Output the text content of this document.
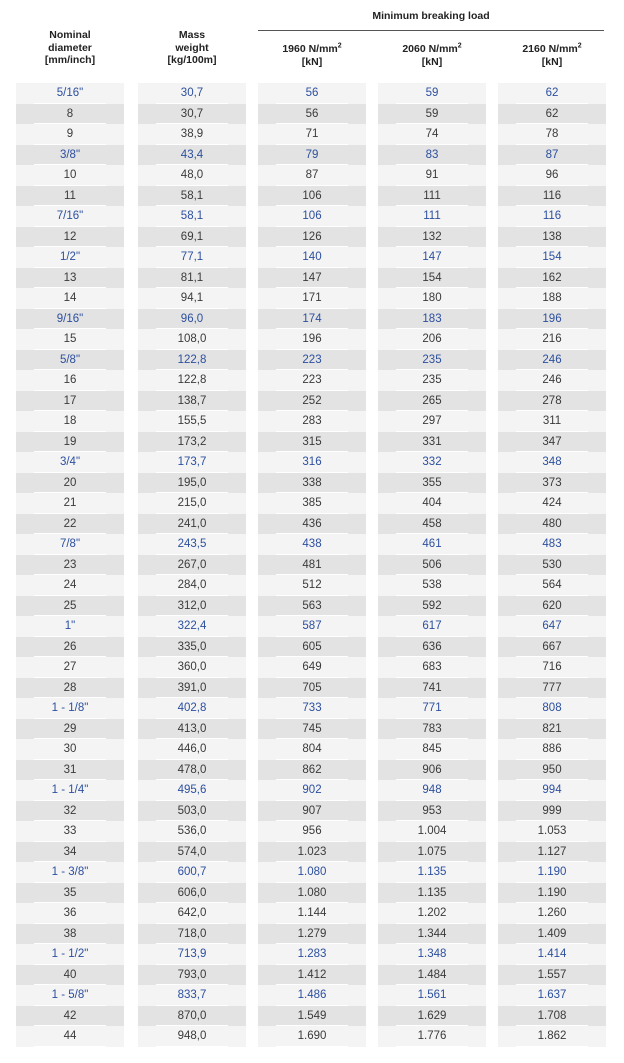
Nominal
diameter
[mm/inch]
Mass
weight
[kg/100m]
Minimum breaking load
1960 $N/mm^2$
[kN]
2060 $N/mm^2$
[kN]
2160 $N/mm^2$
[kN]
5/16"
8
9
3/8"
10
11
7/16"
12
1/2"
13
14
9/16"
15
5/8"
16
17
18
19
3/4"
20
21
22
7/8"
23
24
25
1"
26
27
28
1 - 1/8"
29
30
31
1 - 1/4"
32
33
34
1 - 3/8"
35
36
38
1 - 1/2"
40
1 - 5/8"
42
44
30,7
30,7
38,9
43,4
48,0
58,1
58,1
69,1
77,1
81,1
94,1
96,0
108,0
122,8
122,8
138,7
155,5
173,2
173,7
195,0
215,0
241,0
243,5
267,0
284,0
312,0
322,4
335,0
360,0
391,0
402,8
413,0
446,0
478,0
495,6
503,0
536,0
574,0
600,7
606,0
642,0
718,0
713,9
793,0
833,7
870,0
948,0
56
56
71
79
87
106
106
126
140
147
171
174
196
223
223
252
283
315
316
338
385
436
438
481
512
563
587
605
649
705
733
745
804
862
902
907
956
1.023
1.080
1.080
1.144
1.279
1.283
1.412
1.486
1.549
1.690
59
59
74
83
91
111
111
132
147
154
180
183
206
235
235
265
297
331
332
355
404
458
461
506
538
592
617
636
683
741
771
783
845
906
948
953
1.004
1.075
1.135
1.135
1.202
1.344
1.348
1.484
1.561
1.629
1.776
62
62
78
87
96
116
116
138
154
162
188
196
216
246
246
278
311
347
348
373
424
480
483
530
564
620
647
667
716
777
808
821
886
950
994
999
1.053
1.127
1.190
1.190
1.260
1.409
1.414
1.557
1.637
1.708
1.862
